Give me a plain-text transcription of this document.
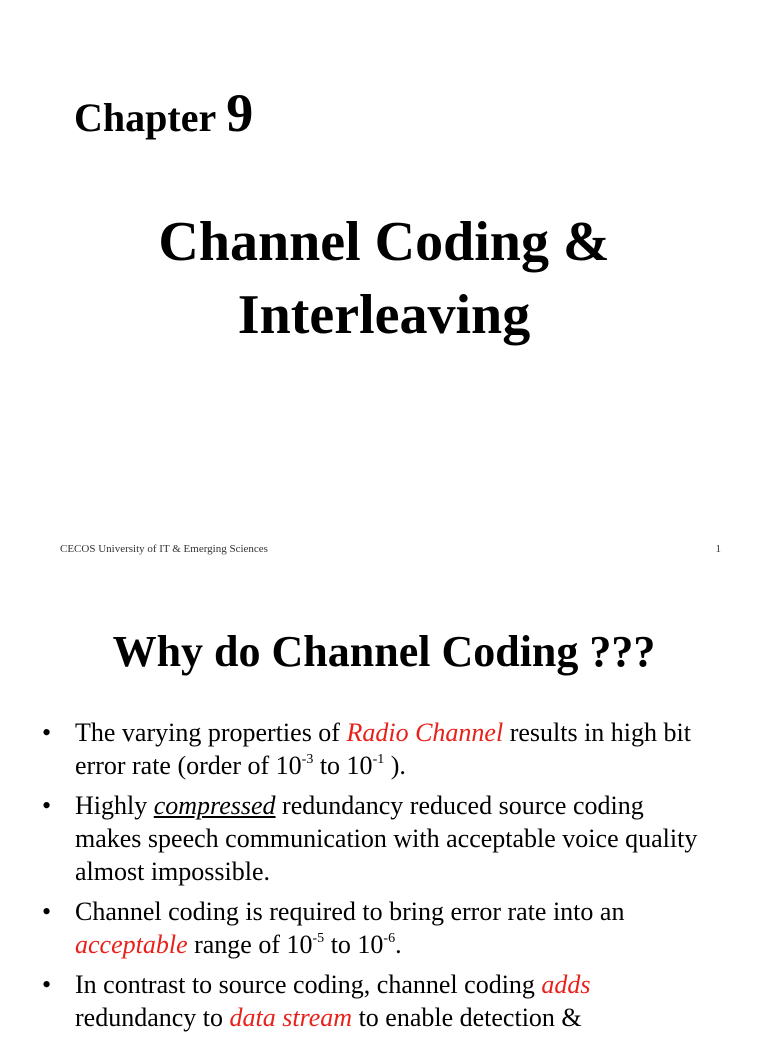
Chapter 9
Channel Coding &
Interleaving
CECOS University of IT & Emerging Sciences	1
Why do Channel Coding ???
• The varying properties of Radio Channel results in high bit error rate (order of $10^{-3}$ to $10^{-1}$ ).
• Highly compressed redundancy reduced source coding makes speech communication with acceptable voice quality almost impossible.
• Channel coding is required to bring error rate into an acceptable range of $10^{-5}$ to $10^{-6}$.
• In contrast to source coding, channel coding adds redundancy to data stream to enable detection &
